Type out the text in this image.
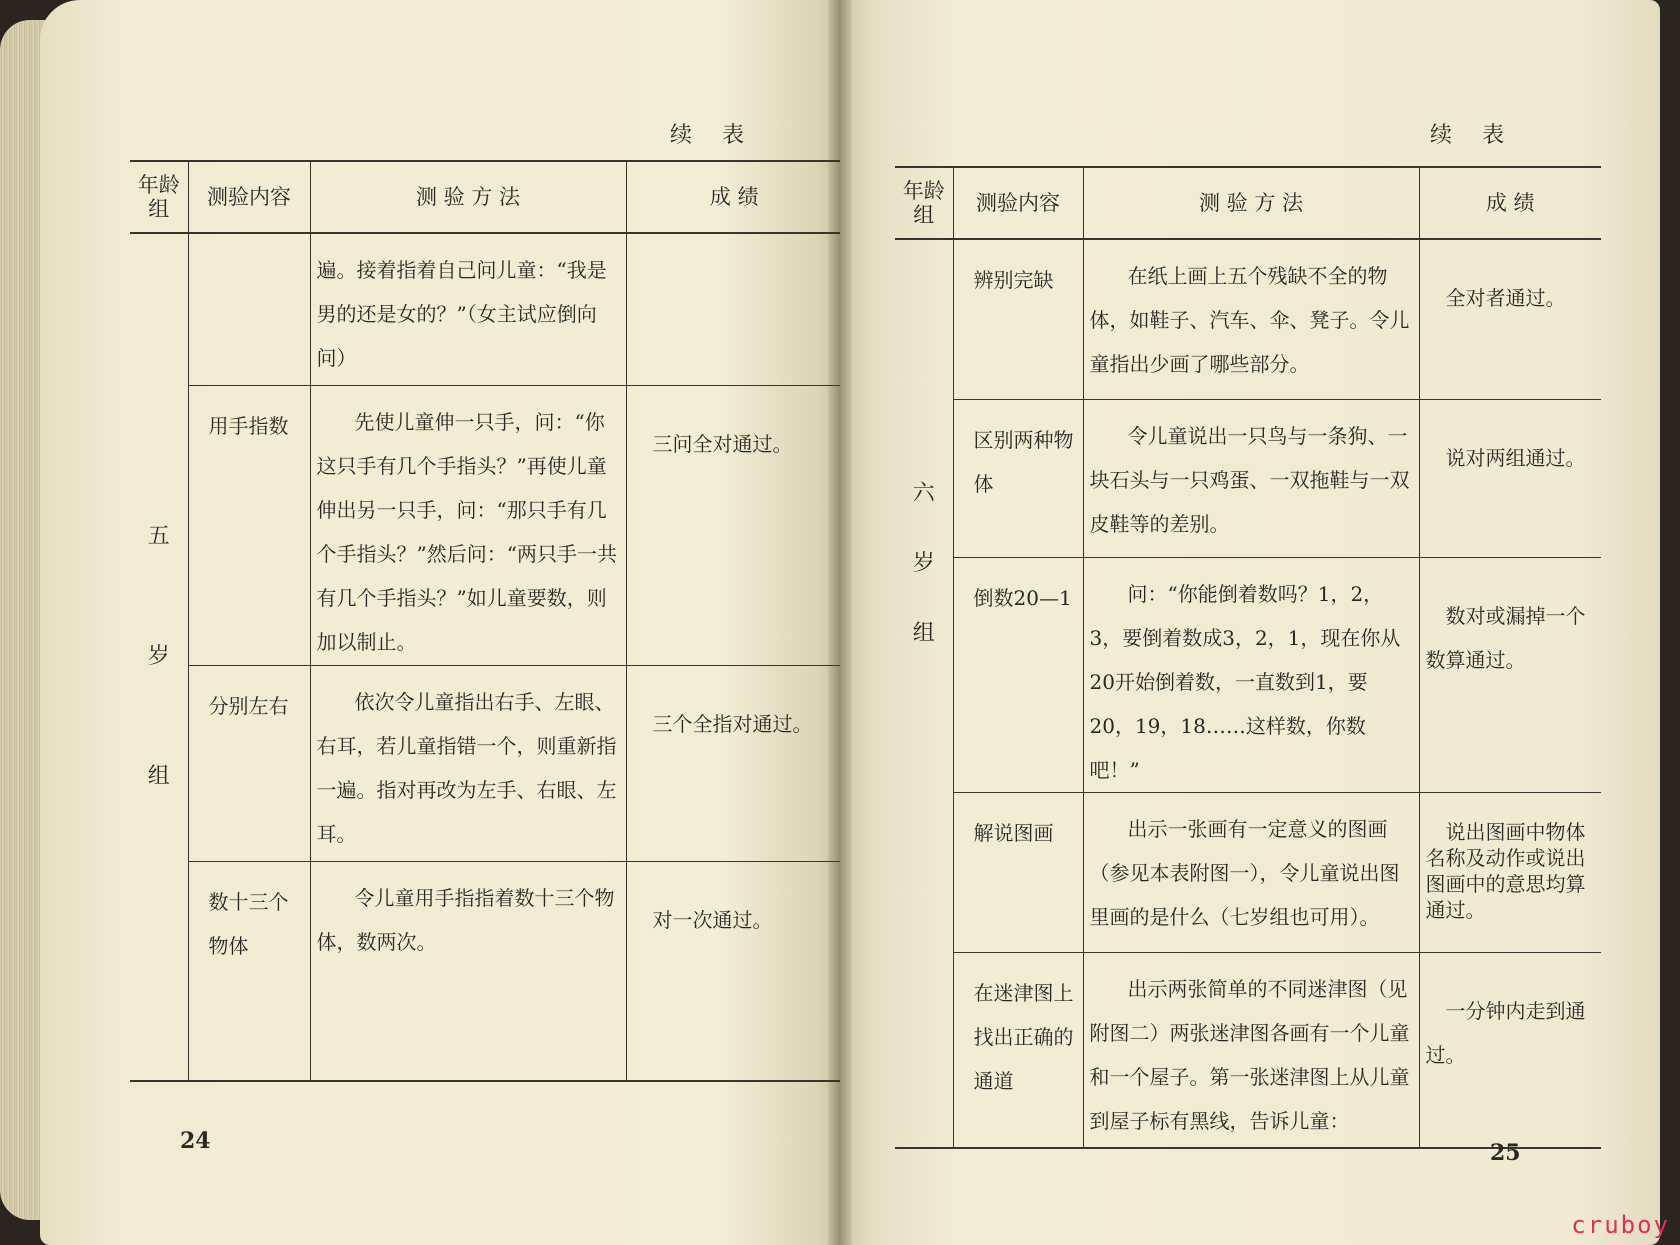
续表
年龄组	测验内容	测 验 方 法	成 绩

五
岁
组		遍。接着指着自己问儿童：“我是男的还是女的？”（女主试应倒向问）	
	用手指数	先使儿童伸一只手，问：“你这只手有几个手指头？”再使儿童伸出另一只手，问：“那只手有几个手指头？”然后问：“两只手一共有几个手指头？”如儿童要数，则加以制止。	三问全对通过。
	分别左右	依次令儿童指出右手、左眼、右耳，若儿童指错一个，则重新指一遍。指对再改为左手、右眼、左耳。	三个全指对通过。
	数十三个物体	令儿童用手指指着数十三个物体，数两次。	对一次通过。
24
续表
年龄组	测验内容	测 验 方 法	成 绩

六
岁
组	辨别完缺	在纸上画上五个残缺不全的物体，如鞋子、汽车、伞、凳子。令儿童指出少画了哪些部分。	全对者通过。
	区别两种物体	令儿童说出一只鸟与一条狗、一块石头与一只鸡蛋、一双拖鞋与一双皮鞋等的差别。	说对两组通过。
	倒数20—1	问：“你能倒着数吗？1，2，3，要倒着数成3，2，1，现在你从20开始倒着数，一直数到1，要20，19，18……这样数，你数吧！”	数对或漏掉一个数算通过。
	解说图画	出示一张画有一定意义的图画（参见本表附图一），令儿童说出图里画的是什么（七岁组也可用）。	说出图画中物体名称及动作或说出图画中的意思均算通过。
	在迷津图上找出正确的通道	出示两张简单的不同迷津图（见附图二）两张迷津图各画有一个儿童和一个屋子。第一张迷津图上从儿童到屋子标有黑线，告诉儿童：	一分钟内走到通过。
25
cruboy
